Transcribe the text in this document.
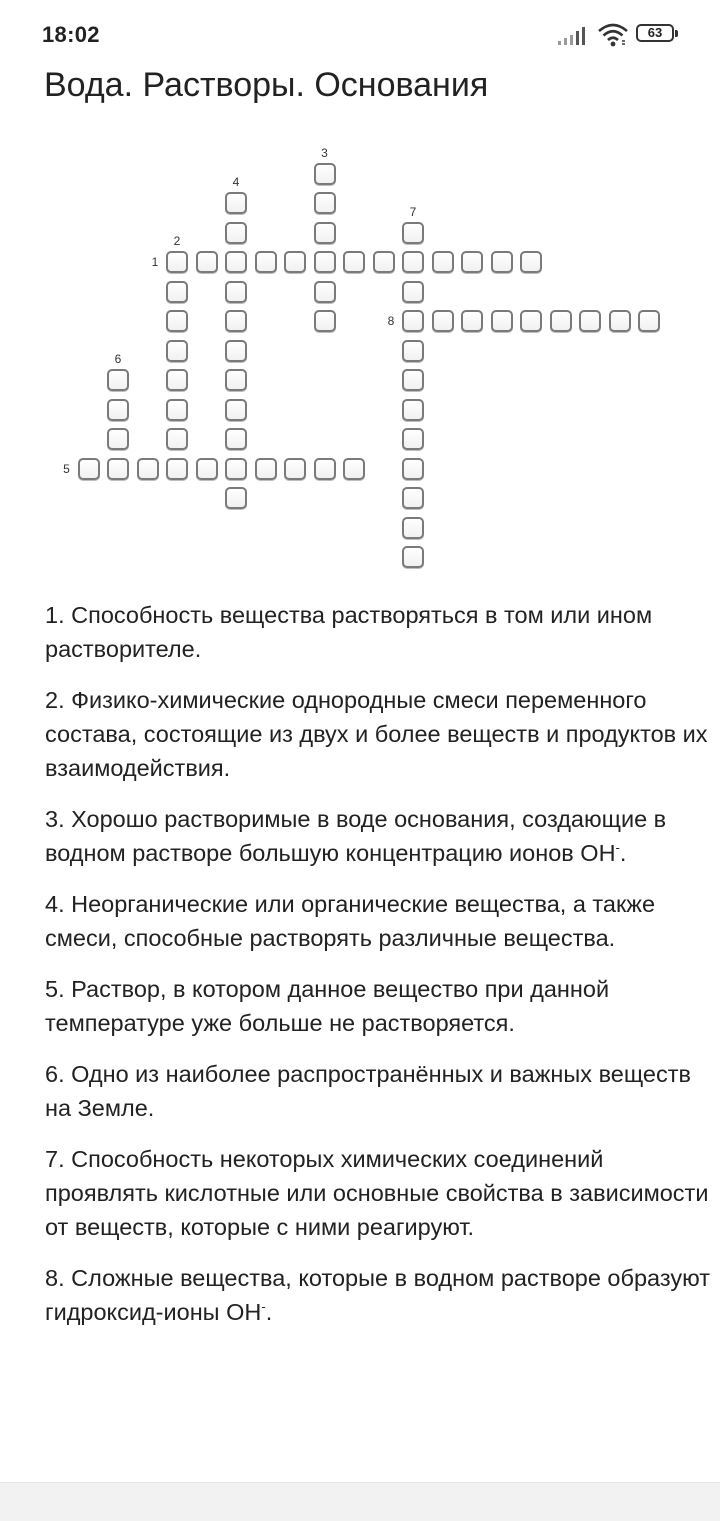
18:02	63
Вода. Растворы. Основания
1
2
3
4
5
6
7
8

1. Способность вещества растворяться в том или ином растворителе.

2. Физико-химические однородные смеси переменного состава, состоящие из двух и более веществ и продуктов их взаимодействия.

3. Хорошо растворимые в воде основания, создающие в водном растворе большую концентрацию ионов OH-.

4. Неорганические или органические вещества, а также смеси, способные растворять различные вещества.

5. Раствор, в котором данное вещество при данной температуре уже больше не растворяется.

6. Одно из наиболее распространённых и важных веществ на Земле.

7. Способность некоторых химических соединений проявлять кислотные или основные свойства в зависимости от веществ, которые с ними реагируют.

8. Сложные вещества, которые в водном растворе образуют гидроксид-ионы OH-.
